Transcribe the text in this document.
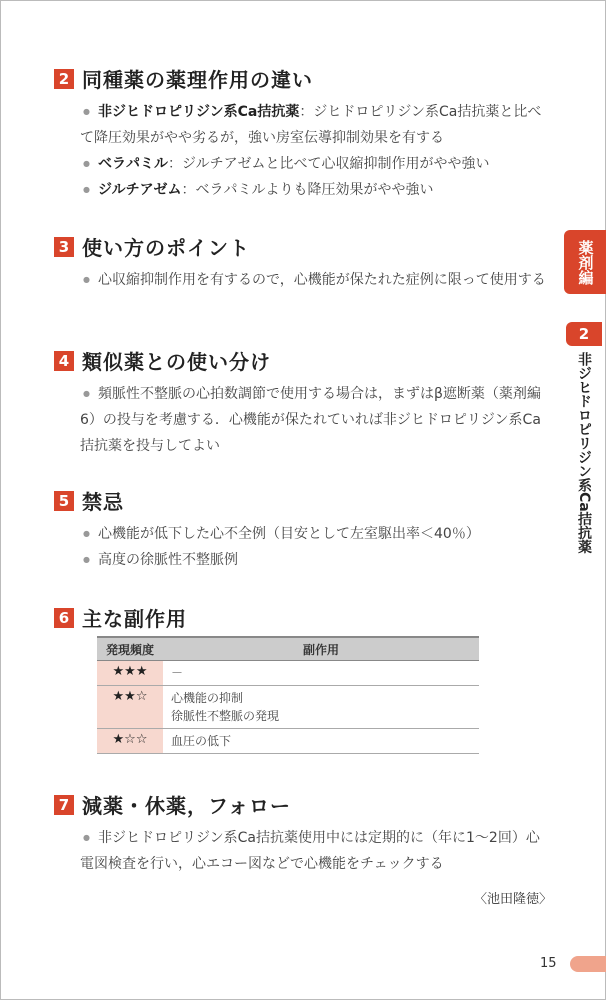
2 同種薬の薬理作用の違い
● 非ジヒドロピリジン系Ca拮抗薬：ジヒドロピリジン系Ca拮抗薬と比べて降圧効果がやや劣るが，強い房室伝導抑制効果を有する
● ベラパミル：ジルチアゼムと比べて心収縮抑制作用がやや強い
● ジルチアゼム：ベラパミルよりも降圧効果がやや強い
3 使い方のポイント
● 心収縮抑制作用を有するので，心機能が保たれた症例に限って使用する
4 類似薬との使い分け
● 頻脈性不整脈の心拍数調節で使用する場合は，まずはβ遮断薬（薬剤編6）の投与を考慮する．心機能が保たれていれば非ジヒドロピリジン系Ca拮抗薬を投与してよい
5 禁忌
● 心機能が低下した心不全例（目安として左室駆出率＜40％）
● 高度の徐脈性不整脈例
6 主な副作用
発現頻度	副作用
★★★	－

★★☆	心機能の抑制
徐脈性不整脈の発現

★☆☆	血圧の低下
7 減薬・休薬，フォロー
● 非ジヒドロピリジン系Ca拮抗薬使用中には定期的に（年に1～2回）心電図検査を行い，心エコー図などで心機能をチェックする
〈池田隆徳〉
薬剤編
2
非ジヒドロピリジン系Ca拮抗薬
15
